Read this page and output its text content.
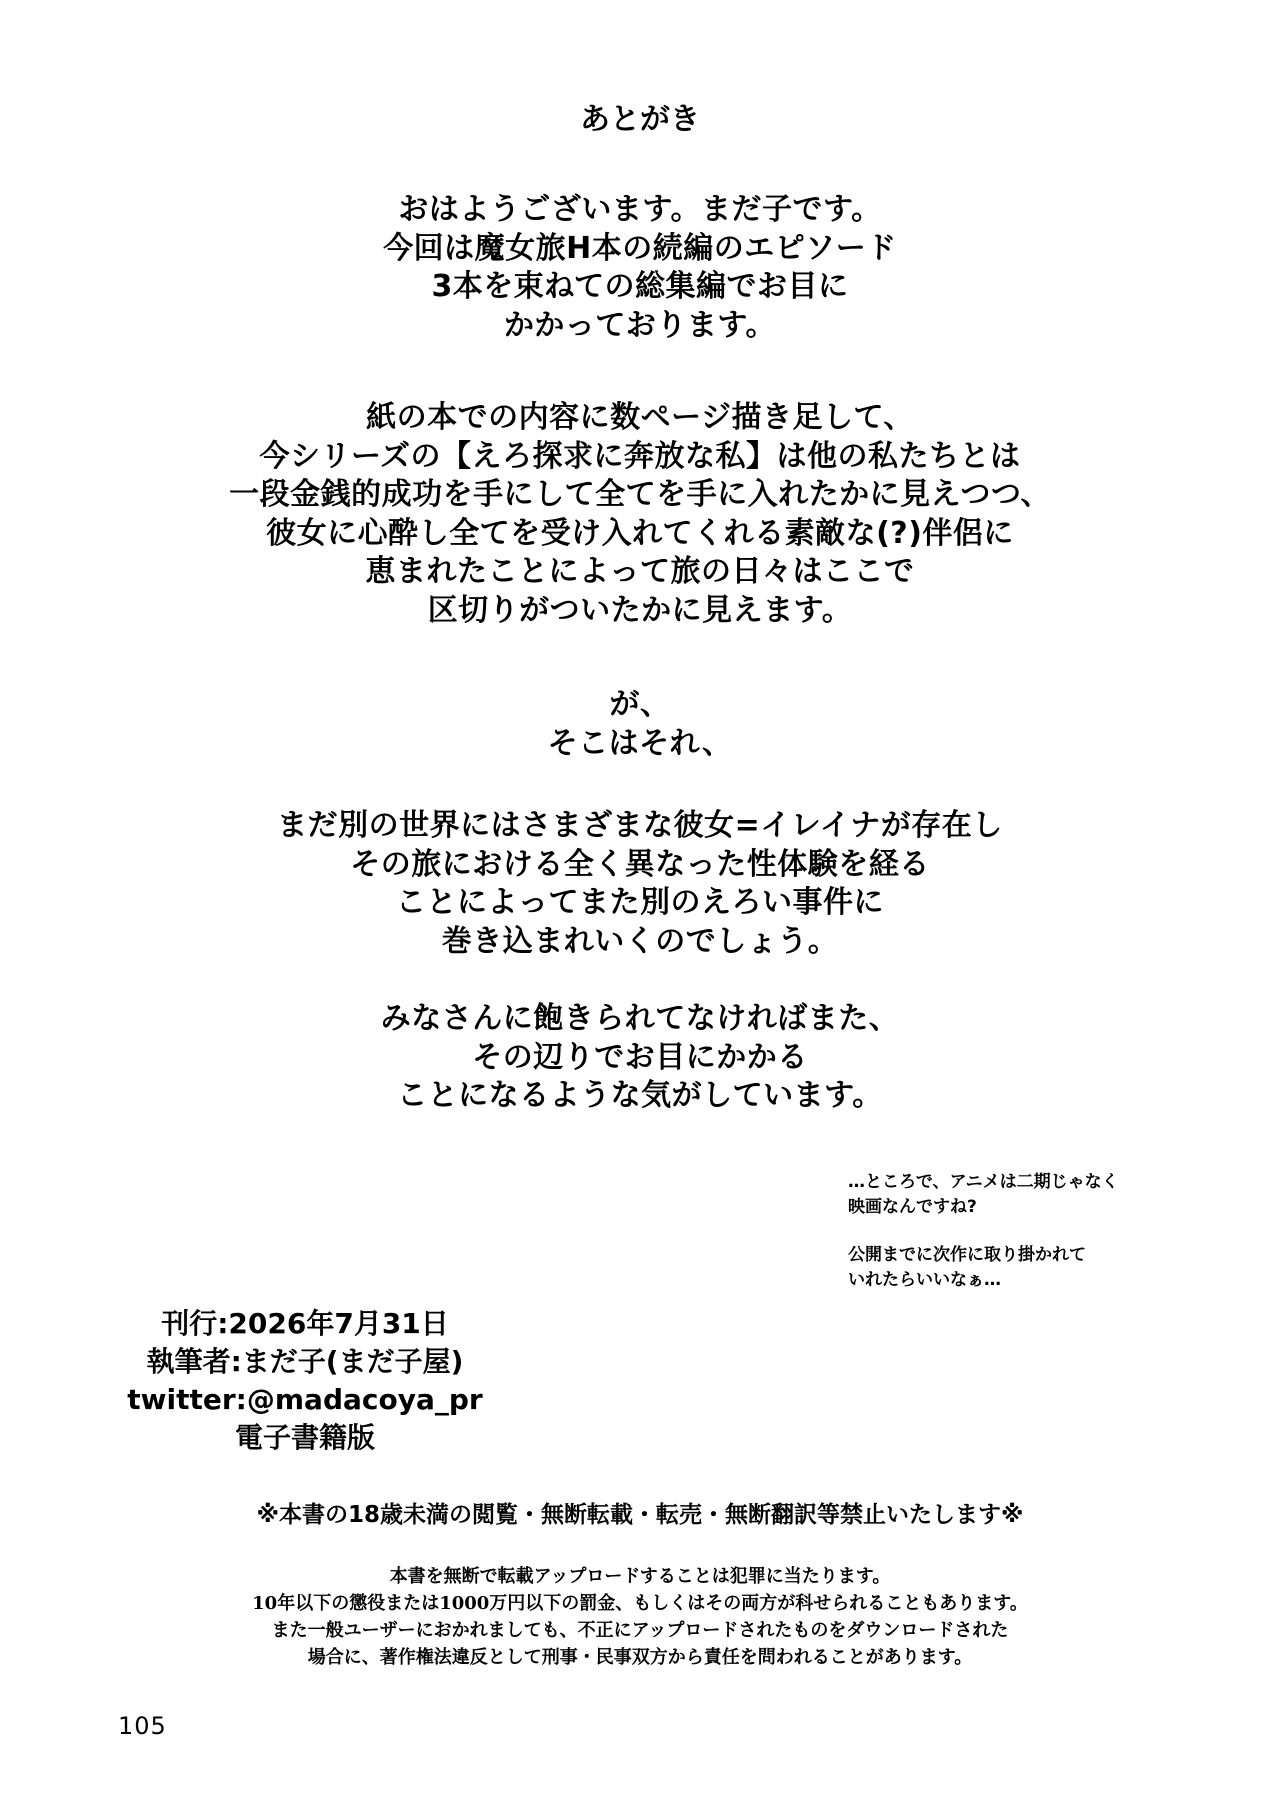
あとがき
おはようございます。まだ子です。
今回は魔女旅H本の続編のエピソード
3本を束ねての総集編でお目に
かかっております。
紙の本での内容に数ページ描き足して、
今シリーズの【えろ探求に奔放な私】は他の私たちとは
一段金銭的成功を手にして全てを手に入れたかに見えつつ、
彼女に心酔し全てを受け入れてくれる素敵な(?)伴侶に
恵まれたことによって旅の日々はここで
区切りがついたかに見えます。
が、
そこはそれ、
まだ別の世界にはさまざまな彼女=イレイナが存在し
その旅における全く異なった性体験を経る
ことによってまた別のえろい事件に
巻き込まれいくのでしょう。
みなさんに飽きられてなければまた、
その辺りでお目にかかる
ことになるような気がしています。
…ところで、アニメは二期じゃなく
映画なんですね?
公開までに次作に取り掛かれて
いれたらいいなぁ…
刊行:2026年7月31日
執筆者:まだ子(まだ子屋)
twitter:@madacoya_pr
電子書籍版
※本書の18歳未満の閲覧・無断転載・転売・無断翻訳等禁止いたします※
本書を無断で転載アップロードすることは犯罪に当たります。
10年以下の懲役または1000万円以下の罰金、もしくはその両方が科せられることもあります。
また一般ユーザーにおかれましても、不正にアップロードされたものをダウンロードされた
場合に、著作権法違反として刑事・民事双方から責任を問われることがあります。
105
